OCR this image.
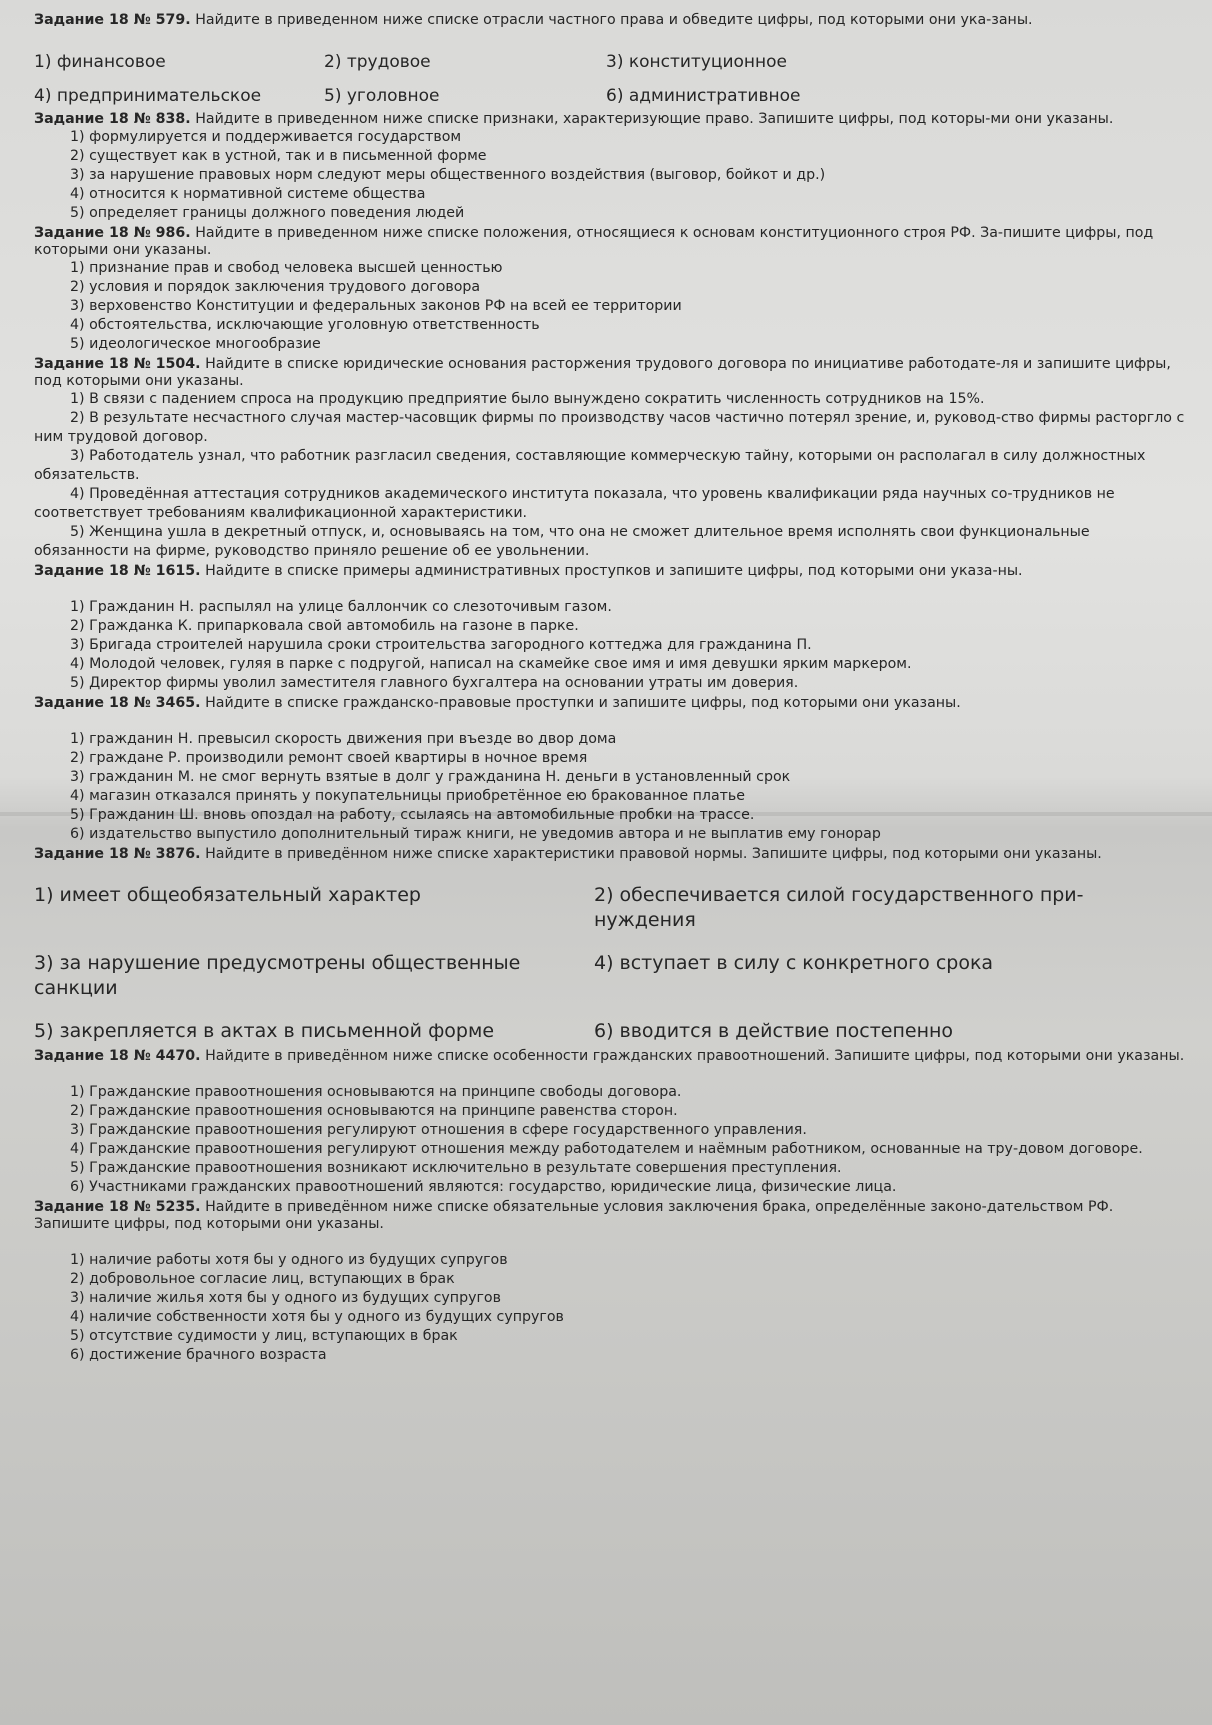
Задание 18 № 579. Найдите в приведенном ниже списке отрасли частного права и обведите цифры, под которыми они ука-заны.

1) финансовое	2) трудовое	3) конституционное
4) предпринимательское	5) уголовное	6) административное

Задание 18 № 838. Найдите в приведенном ниже списке признаки, характеризующие право. Запишите цифры, под которы-ми они указаны.

1) формулируется и поддерживается государством
2) существует как в устной, так и в письменной форме
3) за нарушение правовых норм следуют меры общественного воздействия (выговор, бойкот и др.)
4) относится к нормативной системе общества
5) определяет границы должного поведения людей

Задание 18 № 986. Найдите в приведенном ниже списке положения, относящиеся к основам конституционного строя РФ. За-пишите цифры, под которыми они указаны.

1) признание прав и свобод человека высшей ценностью
2) условия и порядок заключения трудового договора
3) верховенство Конституции и федеральных законов РФ на всей ее территории
4) обстоятельства, исключающие уголовную ответственность
5) идеологическое многообразие

Задание 18 № 1504. Найдите в списке юридические основания расторжения трудового договора по инициативе работодате-ля и запишите цифры, под которыми они указаны.

1) В связи с падением спроса на продукцию предприятие было вынуждено сократить численность сотрудников на 15%.
2) В результате несчастного случая мастер-часовщик фирмы по производству часов частично потерял зрение, и, руковод-ство фирмы расторгло с ним трудовой договор.
3) Работодатель узнал, что работник разгласил сведения, составляющие коммерческую тайну, которыми он располагал в силу должностных обязательств.
4) Проведённая аттестация сотрудников академического института показала, что уровень квалификации ряда научных со-трудников не соответствует требованиям квалификационной характеристики.
5) Женщина ушла в декретный отпуск, и, основываясь на том, что она не сможет длительное время исполнять свои функциональные обязанности на фирме, руководство приняло решение об ее увольнении.

Задание 18 № 1615. Найдите в списке примеры административных проступков и запишите цифры, под которыми они указа-ны.

1) Гражданин Н. распылял на улице баллончик со слезоточивым газом.
2) Гражданка К. припарковала свой автомобиль на газоне в парке.
3) Бригада строителей нарушила сроки строительства загородного коттеджа для гражданина П.
4) Молодой человек, гуляя в парке с подругой, написал на скамейке свое имя и имя девушки ярким маркером.
5) Директор фирмы уволил заместителя главного бухгалтера на основании утраты им доверия.

Задание 18 № 3465. Найдите в списке гражданско-правовые проступки и запишите цифры, под которыми они указаны.

1) гражданин Н. превысил скорость движения при въезде во двор дома
2) граждане Р. производили ремонт своей квартиры в ночное время
3) гражданин М. не смог вернуть взятые в долг у гражданина Н. деньги в установленный срок
4) магазин отказался принять у покупательницы приобретённое ею бракованное платье
5) Гражданин Ш. вновь опоздал на работу, ссылаясь на автомобильные пробки на трассе.
6) издательство выпустило дополнительный тираж книги, не уведомив автора и не выплатив ему гонорар

Задание 18 № 3876. Найдите в приведённом ниже списке характеристики правовой нормы. Запишите цифры, под которыми они указаны.

1) имеет общеобязательный характер	2) обеспечивается силой государственного при-нуждения
3) за нарушение предусмотрены общественные санкции
4) вступает в силу с конкретного срока
5) закрепляется в актах в письменной форме	6) вводится в действие постепенно

Задание 18 № 4470. Найдите в приведённом ниже списке особенности гражданских правоотношений. Запишите цифры, под которыми они указаны.

1) Гражданские правоотношения основываются на принципе свободы договора.
2) Гражданские правоотношения основываются на принципе равенства сторон.
3) Гражданские правоотношения регулируют отношения в сфере государственного управления.
4) Гражданские правоотношения регулируют отношения между работодателем и наёмным работником, основанные на тру-довом договоре.
5) Гражданские правоотношения возникают исключительно в результате совершения преступления.
6) Участниками гражданских правоотношений являются: государство, юридические лица, физические лица.

Задание 18 № 5235. Найдите в приведённом ниже списке обязательные условия заключения брака, определённые законо-дательством РФ. Запишите цифры, под которыми они указаны.

1) наличие работы хотя бы у одного из будущих супругов
2) добровольное согласие лиц, вступающих в брак
3) наличие жилья хотя бы у одного из будущих супругов
4) наличие собственности хотя бы у одного из будущих супругов
5) отсутствие судимости у лиц, вступающих в брак
6) достижение брачного возраста
